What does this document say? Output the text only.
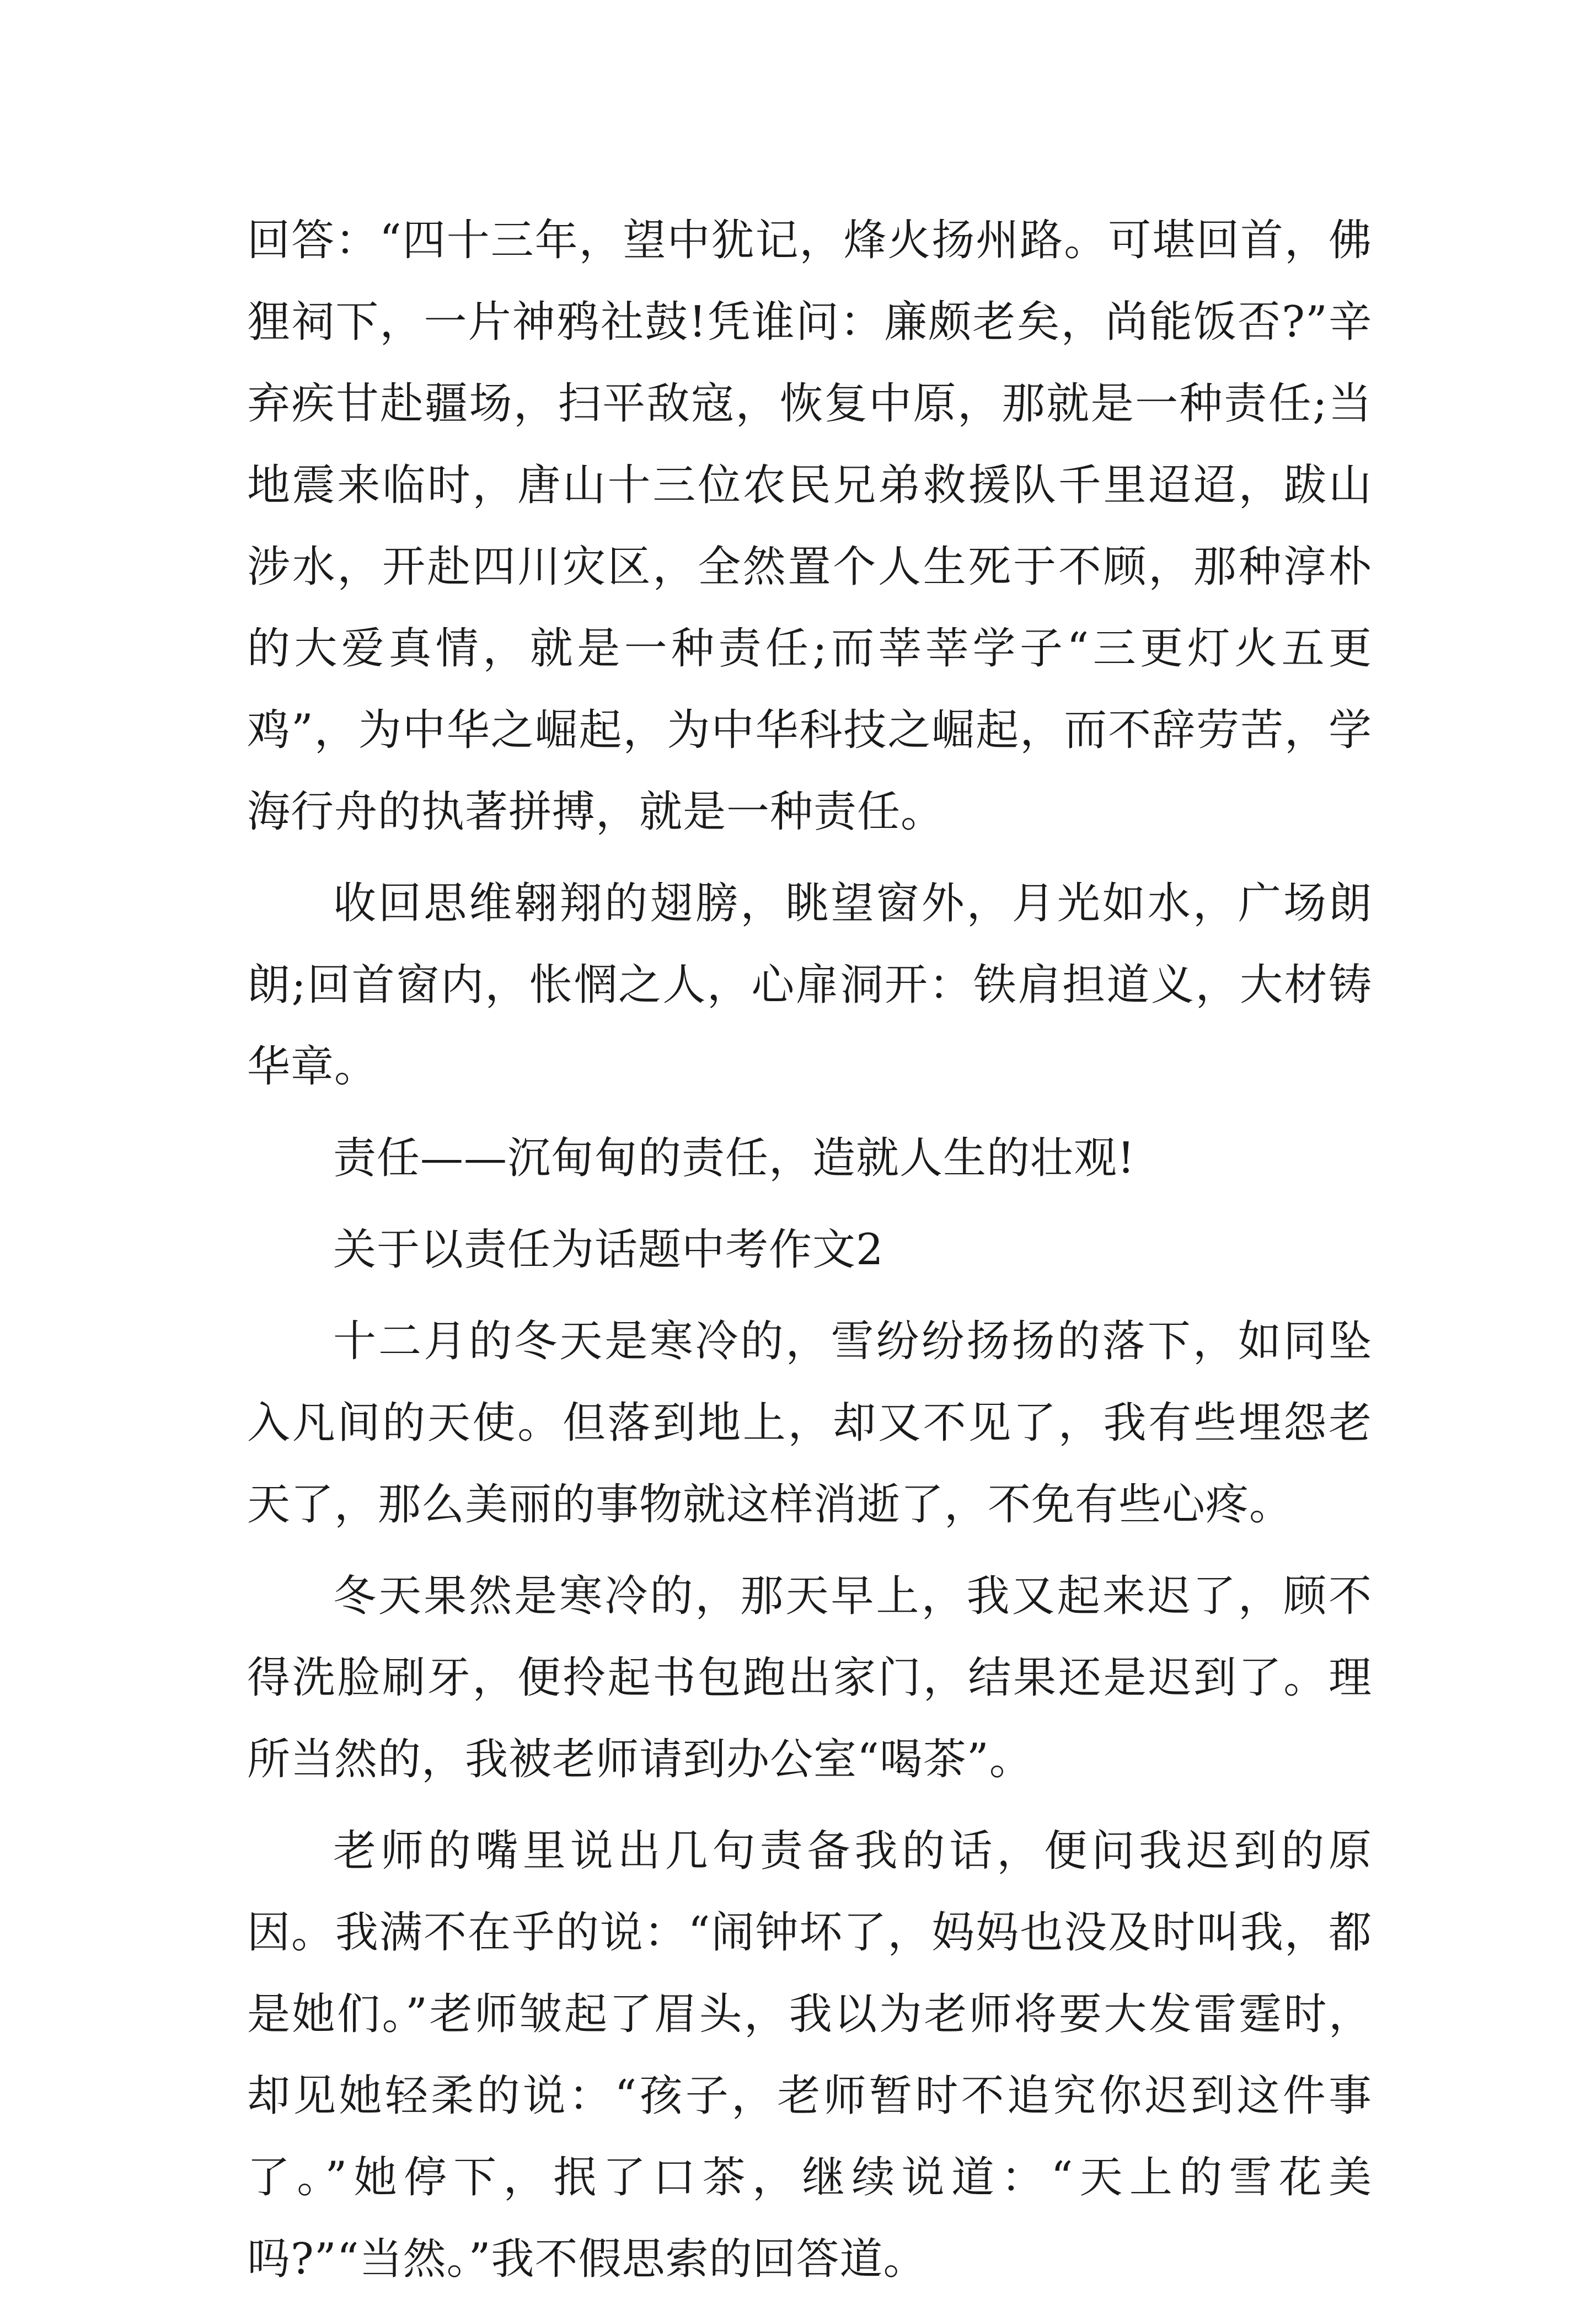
回答：“四十三年，望中犹记，烽火扬州路。可堪回首，佛狸祠下，一片神鸦社鼓!凭谁问：廉颇老矣，尚能饭否?”辛弃疾甘赴疆场，扫平敌寇，恢复中原，那就是一种责任;当地震来临时，唐山十三位农民兄弟救援队千里迢迢，跋山涉水，开赴四川灾区，全然置个人生死于不顾，那种淳朴的大爱真情，就是一种责任;而莘莘学子“三更灯火五更鸡”，为中华之崛起，为中华科技之崛起，而不辞劳苦，学海行舟的执著拼搏，就是一种责任。

收回思维翱翔的翅膀，眺望窗外，月光如水，广场朗朗;回首窗内，怅惘之人，心扉洞开：铁肩担道义，大材铸华章。

责任——沉甸甸的责任，造就人生的壮观!

关于以责任为话题中考作文2

十二月的冬天是寒冷的，雪纷纷扬扬的落下，如同坠入凡间的天使。但落到地上，却又不见了，我有些埋怨老天了，那么美丽的事物就这样消逝了，不免有些心疼。

冬天果然是寒冷的，那天早上，我又起来迟了，顾不得洗脸刷牙，便拎起书包跑出家门，结果还是迟到了。理所当然的，我被老师请到办公室“喝茶”。

老师的嘴里说出几句责备我的话，便问我迟到的原因。我满不在乎的说：“闹钟坏了，妈妈也没及时叫我，都是她们。”老师皱起了眉头，我以为老师将要大发雷霆时，却见她轻柔的说：“孩子，老师暂时不追究你迟到这件事了。”她停下，抿了口茶，继续说道：“天上的雪花美吗?”“当然。”我不假思索的回答道。
